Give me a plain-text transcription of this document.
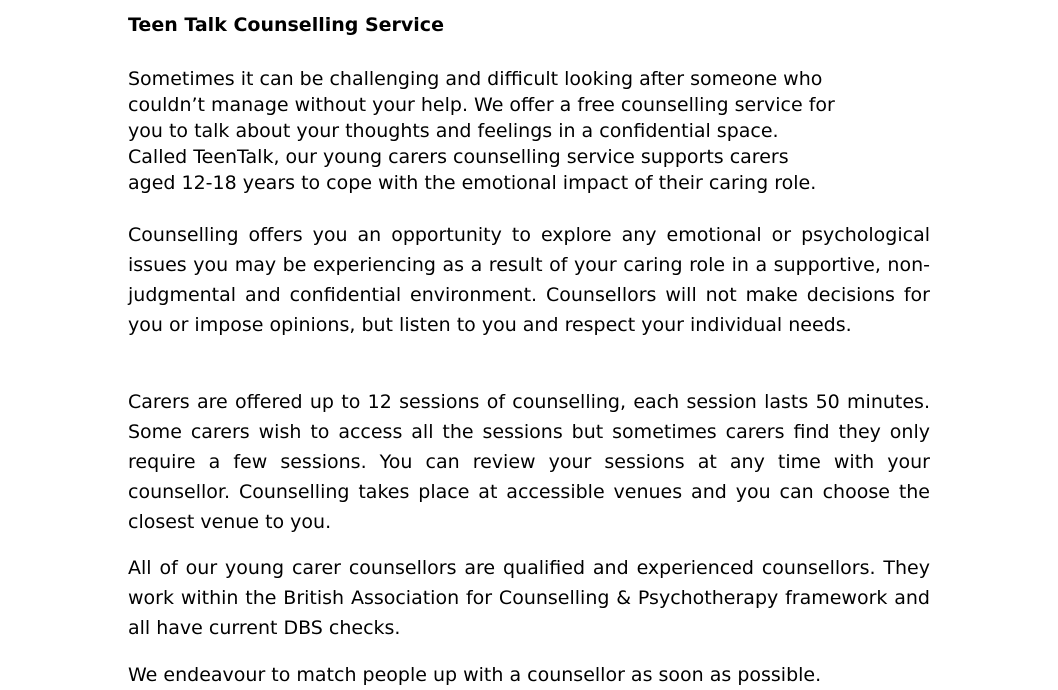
Teen Talk Counselling Service

Sometimes it can be challenging and difficult looking after someone who
couldn’t manage without your help. We offer a free counselling service for
you to talk about your thoughts and feelings in a confidential space.
Called TeenTalk, our young carers counselling service supports carers
aged 12-18 years to cope with the emotional impact of their caring role.

Counselling offers you an opportunity to explore any emotional or psychological issues you may be experiencing as a result of your caring role in a supportive, non-judgmental and confidential environment. Counsellors will not make decisions for you or impose opinions, but listen to you and respect your individual needs.

Carers are offered up to 12 sessions of counselling, each session lasts 50 minutes. Some carers wish to access all the sessions but sometimes carers find they only require a few sessions. You can review your sessions at any time with your counsellor. Counselling takes place at accessible venues and you can choose the closest venue to you.

All of our young carer counsellors are qualified and experienced counsellors. They work within the British Association for Counselling & Psychotherapy framework and all have current DBS checks.

We endeavour to match people up with a counsellor as soon as possible.
